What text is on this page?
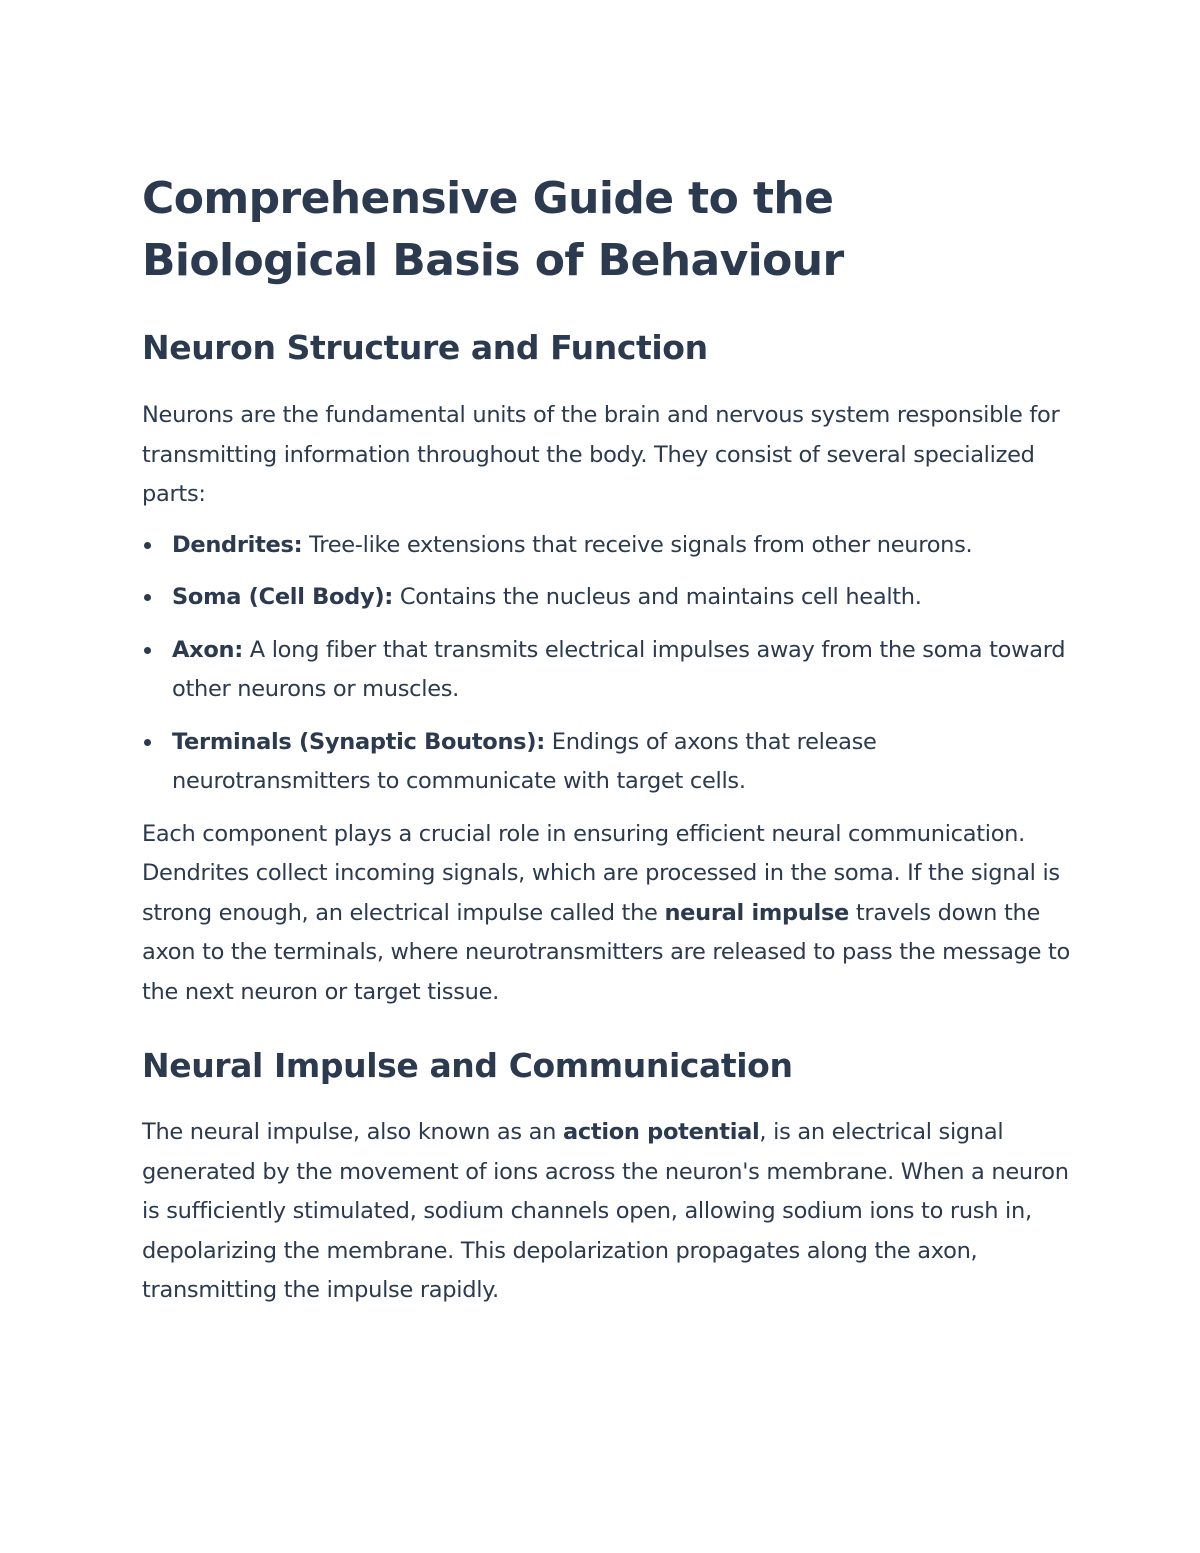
Comprehensive Guide to the Biological Basis of Behaviour
Neuron Structure and Function

Neurons are the fundamental units of the brain and nervous system responsible for transmitting information throughout the body. They consist of several specialized parts:

Dendrites: Tree-like extensions that receive signals from other neurons.
Soma (Cell Body): Contains the nucleus and maintains cell health.
Axon: A long fiber that transmits electrical impulses away from the soma toward other neurons or muscles.
Terminals (Synaptic Boutons): Endings of axons that release neurotransmitters to communicate with target cells.

Each component plays a crucial role in ensuring efficient neural communication. Dendrites collect incoming signals, which are processed in the soma. If the signal is strong enough, an electrical impulse called the neural impulse travels down the axon to the terminals, where neurotransmitters are released to pass the message to the next neuron or target tissue.

Neural Impulse and Communication

The neural impulse, also known as an action potential, is an electrical signal generated by the movement of ions across the neuron's membrane. When a neuron is sufficiently stimulated, sodium channels open, allowing sodium ions to rush in, depolarizing the membrane. This depolarization propagates along the axon, transmitting the impulse rapidly.
